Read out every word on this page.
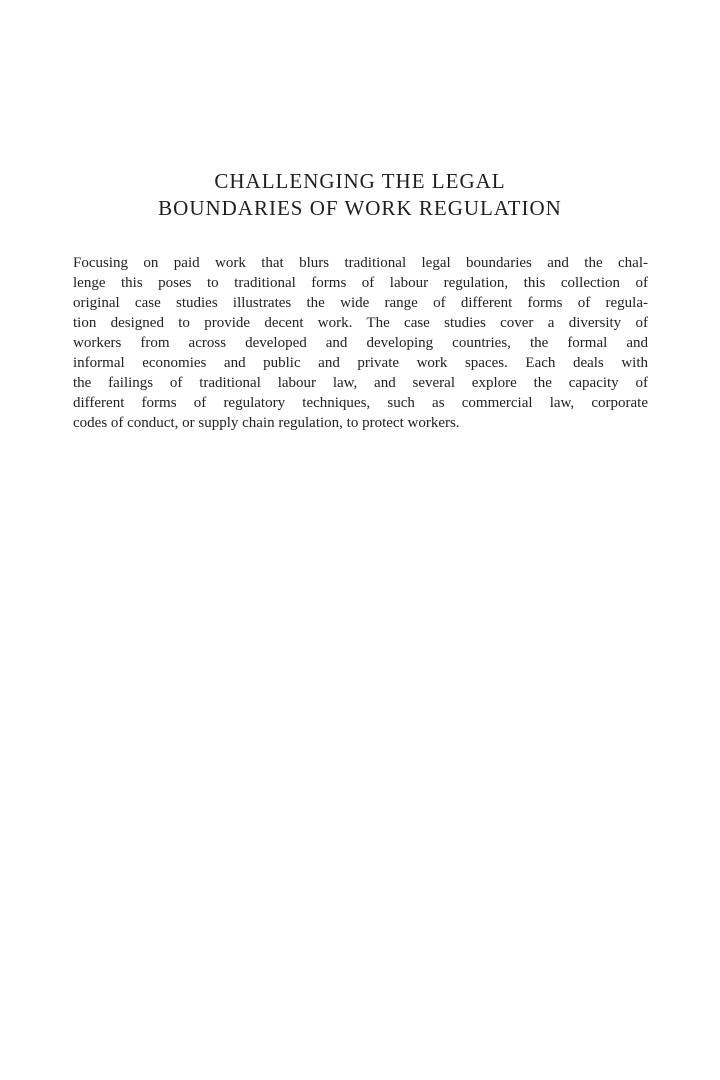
CHALLENGING THE LEGAL
BOUNDARIES OF WORK REGULATION
Focusing on paid work that blurs traditional legal boundaries and the chal-
lenge this poses to traditional forms of labour regulation, this collection of
original case studies illustrates the wide range of different forms of regula-
tion designed to provide decent work. The case studies cover a diversity of
workers from across developed and developing countries, the formal and
informal economies and public and private work spaces. Each deals with
the failings of traditional labour law, and several explore the capacity of
different forms of regulatory techniques, such as commercial law, corporate
codes of conduct, or supply chain regulation, to protect workers.
